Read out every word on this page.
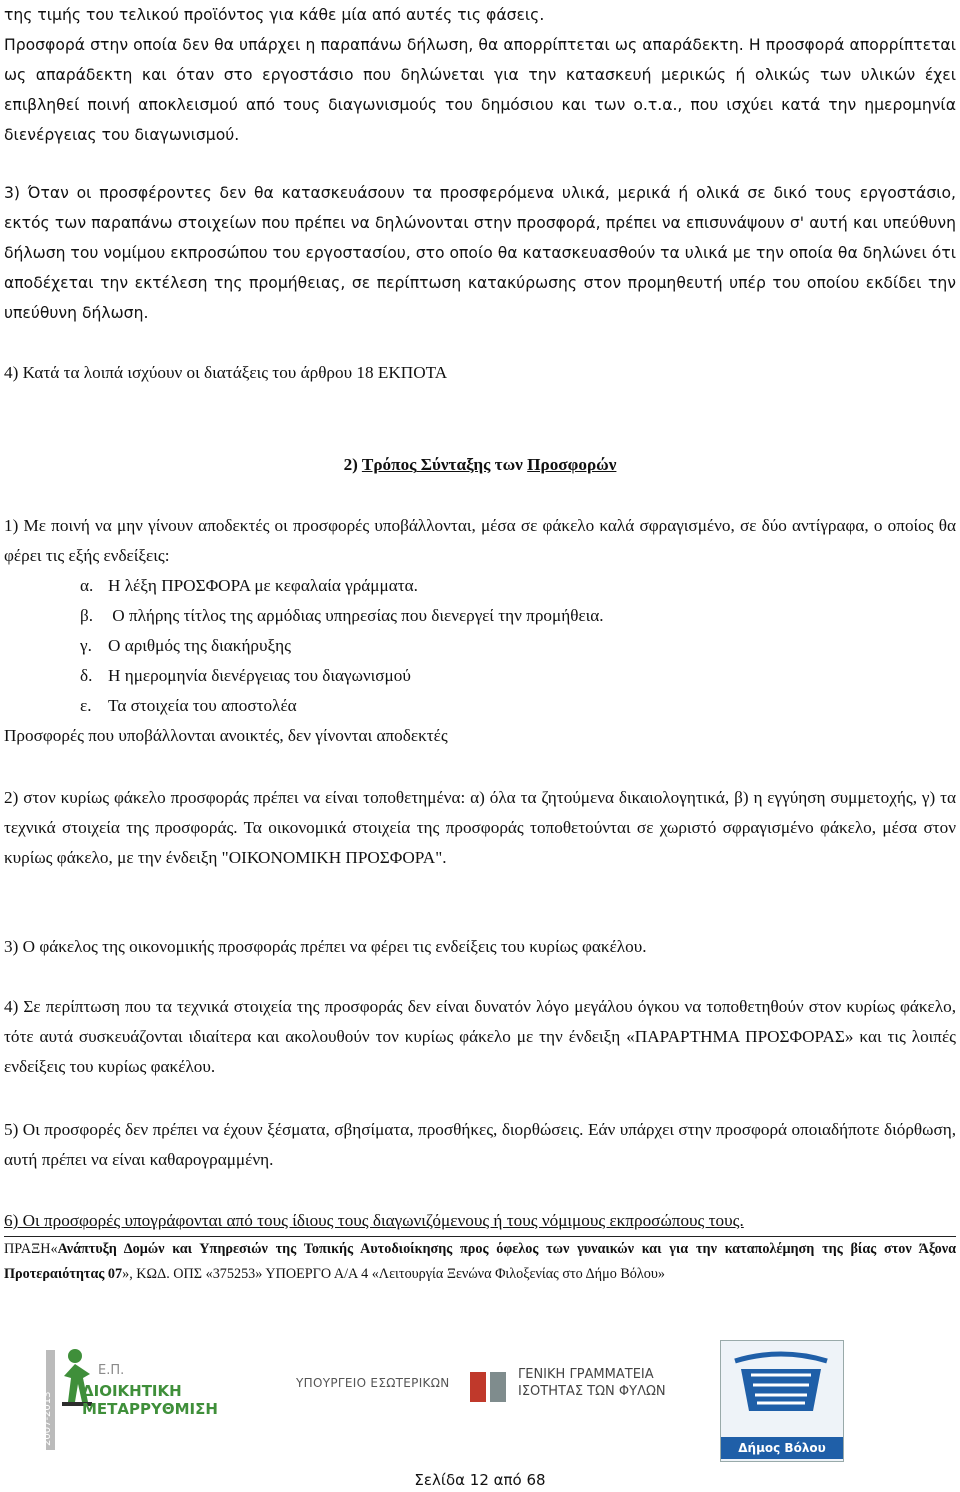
της τιμής του τελικού προϊόντος για κάθε μία από αυτές τις φάσεις.

Προσφορά στην οποία δεν θα υπάρχει η παραπάνω δήλωση, θα απορρίπτεται ως απαράδεκτη. Η προσφορά απορρίπτεται ως απαράδεκτη και όταν στο εργοστάσιο που δηλώνεται για την κατασκευή μερικώς ή ολικώς των υλικών έχει επιβληθεί ποινή αποκλεισμού από τους διαγωνισμούς του δημόσιου και των ο.τ.α., που ισχύει κατά την ημερομηνία διενέργειας του διαγωνισμού.

3) Όταν οι προσφέροντες δεν θα κατασκευάσουν τα προσφερόμενα υλικά, μερικά ή ολικά σε δικό τους εργοστάσιο, εκτός των παραπάνω στοιχείων που πρέπει να δηλώνονται στην προσφορά, πρέπει να επισυνάψουν σ' αυτή και υπεύθυνη δήλωση του νομίμου εκπροσώπου του εργοστασίου, στο οποίο θα κατασκευασθούν τα υλικά με την οποία θα δηλώνει ότι αποδέχεται την εκτέλεση της προμήθειας, σε περίπτωση κατακύρωσης στον προμηθευτή υπέρ του οποίου εκδίδει την υπεύθυνη δήλωση.

4) Κατά τα λοιπά ισχύουν οι διατάξεις του άρθρου 18 ΕΚΠΟΤΑ

2) Τρόπος Σύνταξης των Προσφορών

1) Με ποινή να μην γίνουν αποδεκτές οι προσφορές υποβάλλονται, μέσα σε φάκελο καλά σφραγισμένο, σε δύο αντίγραφα, ο οποίος θα φέρει τις εξής ενδείξεις:

α. Η λέξη ΠΡΟΣΦΟΡΑ με κεφαλαία γράμματα.
β. Ο πλήρης τίτλος της αρμόδιας υπηρεσίας που διενεργεί την προμήθεια.
γ. Ο αριθμός της διακήρυξης
δ. Η ημερομηνία διενέργειας του διαγωνισμού
ε. Τα στοιχεία του αποστολέα

Προσφορές που υποβάλλονται ανοικτές, δεν γίνονται αποδεκτές

2) στον κυρίως φάκελο προσφοράς πρέπει να είναι τοποθετημένα: α) όλα τα ζητούμενα δικαιολογητικά, β) η εγγύηση συμμετοχής, γ) τα τεχνικά στοιχεία της προσφοράς. Τα οικονομικά στοιχεία της προσφοράς τοποθετούνται σε χωριστό σφραγισμένο φάκελο, μέσα στον κυρίως φάκελο, με την ένδειξη "ΟΙΚΟΝΟΜΙΚΗ ΠΡΟΣΦΟΡΑ".

3) Ο φάκελος της οικονομικής προσφοράς πρέπει να φέρει τις ενδείξεις του κυρίως φακέλου.

4) Σε περίπτωση που τα τεχνικά στοιχεία της προσφοράς δεν είναι δυνατόν λόγο μεγάλου όγκου να τοποθετηθούν στον κυρίως φάκελο, τότε αυτά συσκευάζονται ιδιαίτερα και ακολουθούν τον κυρίως φάκελο με την ένδειξη «ΠΑΡΑΡΤΗΜΑ ΠΡΟΣΦΟΡΑΣ» και τις λοιπές ενδείξεις του κυρίως φακέλου.

5) Οι προσφορές δεν πρέπει να έχουν ξέσματα, σβησίματα, προσθήκες, διορθώσεις. Εάν υπάρχει στην προσφορά οποιαδήποτε διόρθωση, αυτή πρέπει να είναι καθαρογραμμένη.

6) Οι προσφορές υπογράφονται από τους ίδιους τους διαγωνιζόμενους ή τους νόμιμους εκπροσώπους τους.

ΠΡΑΞΗ«Ανάπτυξη Δομών και Υπηρεσιών της Τοπικής Αυτοδιοίκησης προς όφελος των γυναικών και για την καταπολέμηση της βίας στον Άξονα Προτεραιότητας 07», ΚΩΔ. ΟΠΣ «375253» ΥΠΟΕΡΓΟ Α/Α 4 «Λειτουργία Ξενώνα Φιλοξενίας στο Δήμο Βόλου»
2007-2013
Ε.Π.
ΔΙΟΙΚΗΤΙΚΗ
ΜΕΤΑΡΡΥΘΜΙΣΗ
ΥΠΟΥΡΓΕΙΟ ΕΣΩΤΕΡΙΚΩΝ
ΓΕΝΙΚΗ ΓΡΑΜΜΑΤΕΙΑ
ΙΣΟΤΗΤΑΣ ΤΩΝ ΦΥΛΩΝ
Δήμος Βόλου
Σελίδα 12 από 68
